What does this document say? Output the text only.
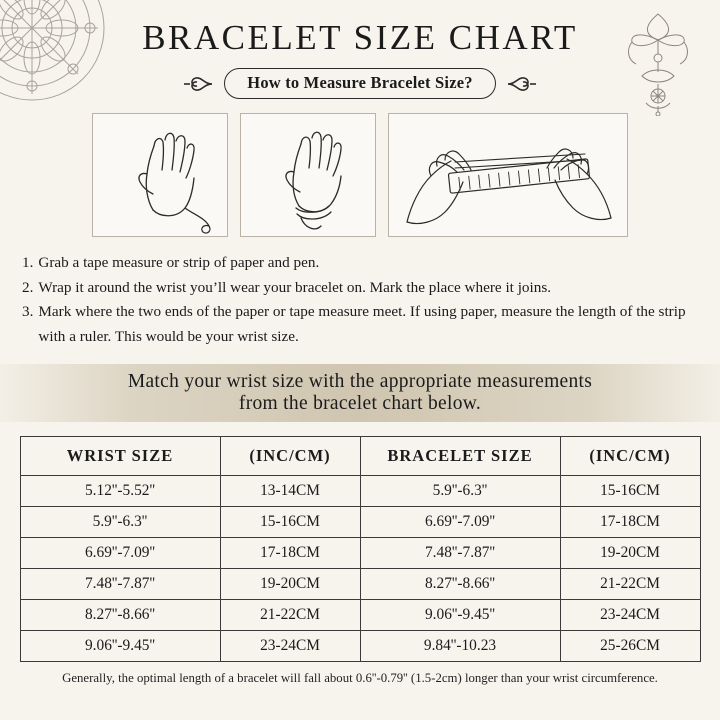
BRACELET SIZE CHART
How to Measure Bracelet Size?
1. Grab a tape measure or strip of paper and pen.
2. Wrap it around the wrist you’ll wear your bracelet on. Mark the place where it joins.
3. Mark where the two ends of the paper or tape measure meet. If using paper, measure the length of the strip with a ruler. This would be your wrist size.
Match your wrist size with the appropriate measurements
from the bracelet chart below.
WRIST SIZE	(INC/CM)	BRACELET SIZE	(INC/CM)
5.12''-5.52''	13-14CM	5.9''-6.3''	15-16CM
5.9''-6.3''	15-16CM	6.69''-7.09''	17-18CM
6.69''-7.09''	17-18CM	7.48''-7.87''	19-20CM
7.48''-7.87''	19-20CM	8.27''-8.66''	21-22CM
8.27''-8.66''	21-22CM	9.06''-9.45''	23-24CM
9.06''-9.45''	23-24CM	9.84''-10.23	25-26CM
Generally, the optimal length of a bracelet will fall about 0.6''-0.79'' (1.5-2cm) longer than your wrist circumference.
